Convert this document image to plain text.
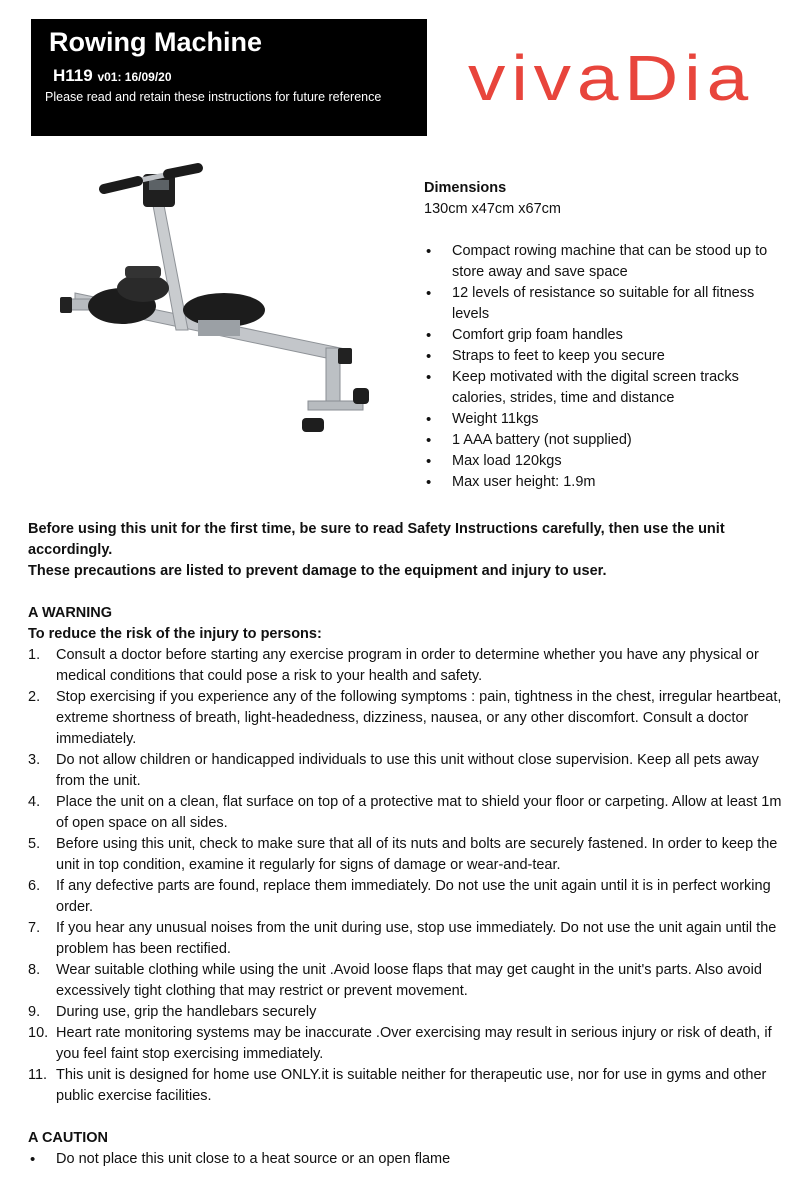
Rowing Machine
H119 v01: 16/09/20
Please read and retain these instructions for future reference vivaDia
Dimensions
130cm x47cm x67cm
• Compact rowing machine that can be stood up to store away and save space
• 12 levels of resistance so suitable for all fitness levels
• Comfort grip foam handles
• Straps to feet to keep you secure
• Keep motivated with the digital screen tracks calories, strides, time and distance
• Weight 11kgs
• 1 AAA battery (not supplied)
• Max load 120kgs
• Max user height: 1.9m

Before using this unit for the first time, be sure to read Safety Instructions carefully, then use the unit accordingly.

These precautions are listed to prevent damage to the equipment and injury to user.

A WARNING

To reduce the risk of the injury to persons:

1. Consult a doctor before starting any exercise program in order to determine whether you have any physical or medical conditions that could pose a risk to your health and safety.
2. Stop exercising if you experience any of the following symptoms : pain, tightness in the chest, irregular heartbeat, extreme shortness of breath, light-headedness, dizziness, nausea, or any other discomfort. Consult a doctor immediately.
3. Do not allow children or handicapped individuals to use this unit without close supervision. Keep all pets away from the unit.
4. Place the unit on a clean, flat surface on top of a protective mat to shield your floor or carpeting. Allow at least 1m of open space on all sides.
5. Before using this unit, check to make sure that all of its nuts and bolts are securely fastened. In order to keep the unit in top condition, examine it regularly for signs of damage or wear-and-tear.
6. If any defective parts are found, replace them immediately. Do not use the unit again until it is in perfect working order.
7. If you hear any unusual noises from the unit during use, stop use immediately. Do not use the unit again until the problem has been rectified.
8. Wear suitable clothing while using the unit .Avoid loose flaps that may get caught in the unit's parts. Also avoid excessively tight clothing that may restrict or prevent movement.
9. During use, grip the handlebars securely
10. Heart rate monitoring systems may be inaccurate .Over exercising may result in serious injury or risk of death, if you feel faint stop exercising immediately.
11. This unit is designed for home use ONLY.it is suitable neither for therapeutic use, nor for use in gyms and other public exercise facilities.

A CAUTION

• Do not place this unit close to a heat source or an open flame
